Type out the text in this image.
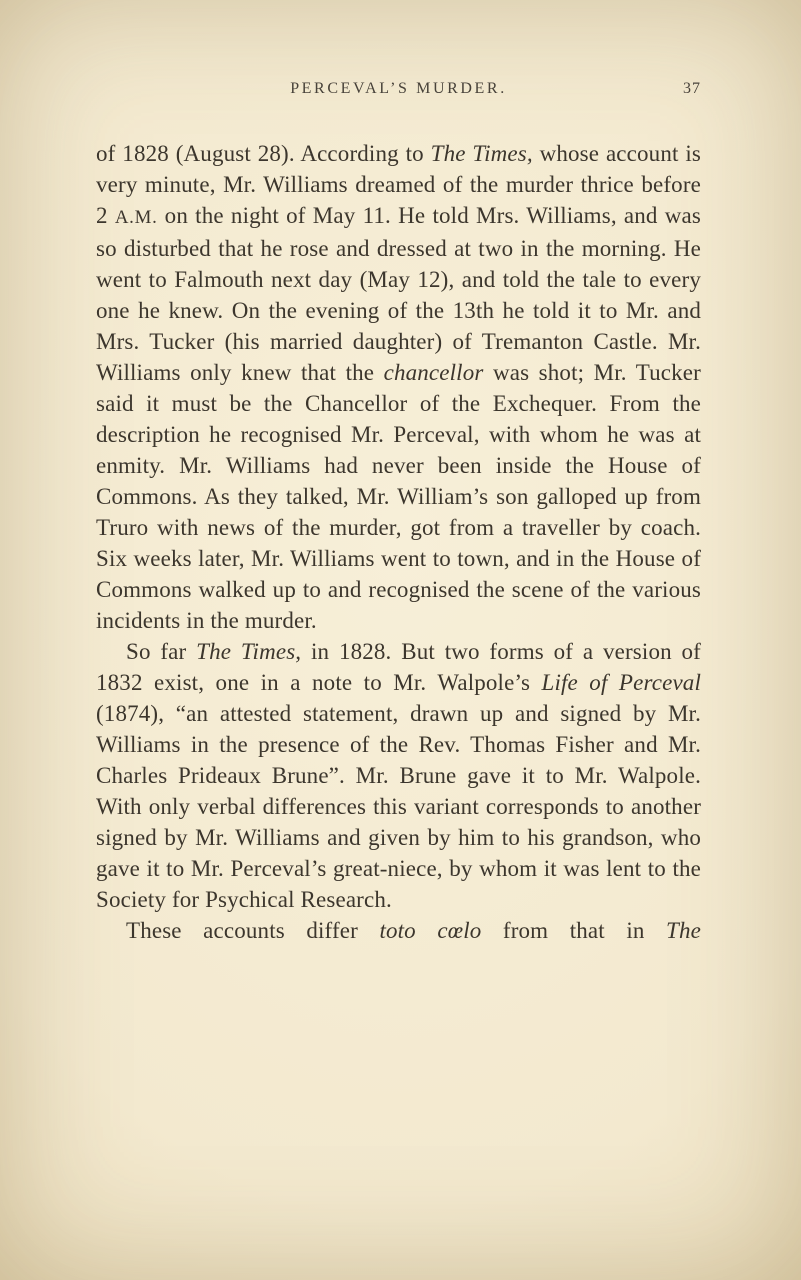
PERCEVAL’S MURDER.	37

of 1828 (August 28). According to The Times, whose account is very minute, Mr. Williams dreamed of the murder thrice before 2 A.M. on the night of May 11. He told Mrs. Williams, and was so disturbed that he rose and dressed at two in the morning. He went to Falmouth next day (May 12), and told the tale to every one he knew. On the evening of the 13th he told it to Mr. and Mrs. Tucker (his married daughter) of Tremanton Castle. Mr. Williams only knew that the chancellor was shot; Mr. Tucker said it must be the Chancellor of the Exchequer. From the description he recognised Mr. Perceval, with whom he was at enmity. Mr. Williams had never been inside the House of Commons. As they talked, Mr. William’s son galloped up from Truro with news of the murder, got from a traveller by coach. Six weeks later, Mr. Williams went to town, and in the House of Commons walked up to and recognised the scene of the various incidents in the murder.

So far The Times, in 1828. But two forms of a version of 1832 exist, one in a note to Mr. Walpole’s Life of Perceval (1874), “an attested statement, drawn up and signed by Mr. Williams in the presence of the Rev. Thomas Fisher and Mr. Charles Prideaux Brune”. Mr. Brune gave it to Mr. Walpole. With only verbal differences this variant corresponds to another signed by Mr. Williams and given by him to his grandson, who gave it to Mr. Perceval’s great-niece, by whom it was lent to the Society for Psychical Research.

These accounts differ toto cœlo from that in The
